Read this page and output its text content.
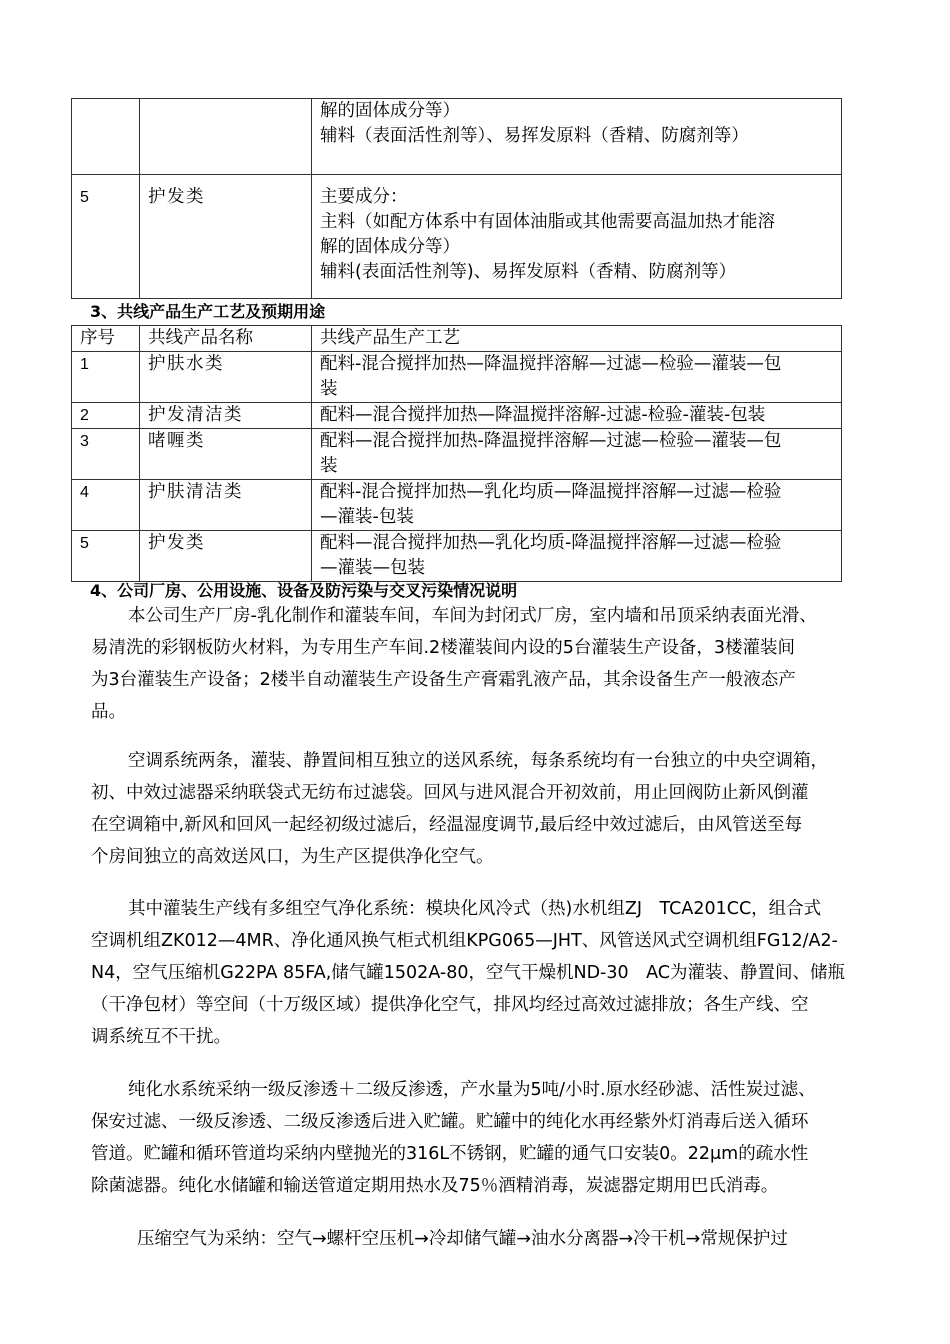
		解的固体成分等）
辅料（表面活性剂等）、易挥发原料（香精、防腐剂等）

5	护发类	主要成分：
主料（如配方体系中有固体油脂或其他需要高温加热才能溶
解的固体成分等）
辅料(表面活性剂等)、易挥发原料（香精、防腐剂等）
3、共线产品生产工艺及预期用途
序号	共线产品名称	共线产品生产工艺
1	护肤水类	配料-混合搅拌加热—降温搅拌溶解—过滤—检验—灌装—包
装

2	护发清洁类	配料—混合搅拌加热—降温搅拌溶解-过滤-检验-灌装-包装

3	啫喱类	配料—混合搅拌加热-降温搅拌溶解—过滤—检验—灌装—包
装

4	护肤清洁类	配料-混合搅拌加热—乳化均质—降温搅拌溶解—过滤—检验
—灌装-包装

5	护发类	配料—混合搅拌加热—乳化均质-降温搅拌溶解—过滤—检验
—灌装—包装
4、公司厂房、公用设施、设备及防污染与交叉污染情况说明
本公司生产厂房-乳化制作和灌装车间，车间为封闭式厂房，室内墙和吊顶采纳表面光滑、
易清洗的彩钢板防火材料，为专用生产车间.2楼灌装间内设的5台灌装生产设备，3楼灌装间
为3台灌装生产设备；2楼半自动灌装生产设备生产膏霜乳液产品，其余设备生产一般液态产
品。
空调系统两条，灌装、静置间相互独立的送风系统，每条系统均有一台独立的中央空调箱，
初、中效过滤器采纳联袋式无纺布过滤袋。回风与进风混合开初效前，用止回阀防止新风倒灌
在空调箱中,新风和回风一起经初级过滤后，经温湿度调节,最后经中效过滤后，由风管送至每
个房间独立的高效送风口，为生产区提供净化空气。
其中灌装生产线有多组空气净化系统：模块化风冷式（热)水机组ZJ　TCA201CC，组合式
空调机组ZK012—4MR、净化通风换气柜式机组KPG065—JHT、风管送风式空调机组FG12/A2-
N4，空气压缩机G22PA 85FA,储气罐1502A-80，空气干燥机ND-30　AC为灌装、静置间、储瓶
（干净包材）等空间（十万级区域）提供净化空气，排风均经过高效过滤排放；各生产线、空
调系统互不干扰。
纯化水系统采纳一级反渗透＋二级反渗透，产水量为5吨/小时.原水经砂滤、活性炭过滤、
保安过滤、一级反渗透、二级反渗透后进入贮罐。贮罐中的纯化水再经紫外灯消毒后送入循环
管道。贮罐和循环管道均采纳内壁抛光的316L不锈钢，贮罐的通气口安装0。22μm的疏水性
除菌滤器。纯化水储罐和输送管道定期用热水及75％酒精消毒，炭滤器定期用巴氏消毒。
压缩空气为采纳：空气→螺杆空压机→冷却储气罐→油水分离器→冷干机→常规保护过
